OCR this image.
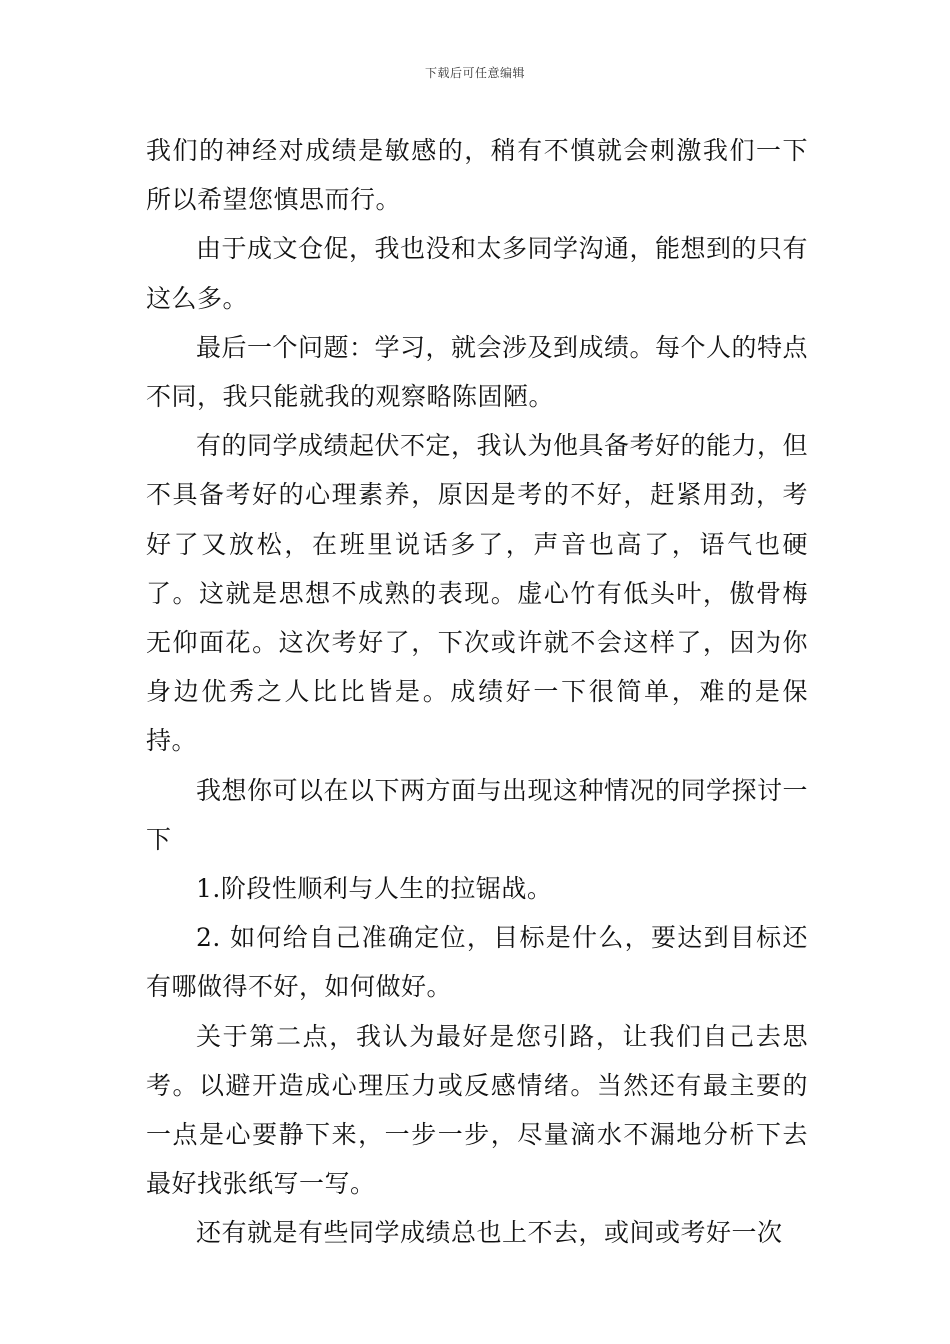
下载后可任意编辑

我们的神经对成绩是敏感的，稍有不慎就会刺激我们一下所以希望您慎思而行。

由于成文仓促，我也没和太多同学沟通，能想到的只有这么多。

最后一个问题：学习，就会涉及到成绩。每个人的特点不同，我只能就我的观察略陈固陋。

有的同学成绩起伏不定，我认为他具备考好的能力，但不具备考好的心理素养，原因是考的不好，赶紧用劲，考好了又放松，在班里说话多了，声音也高了，语气也硬了。这就是思想不成熟的表现。虚心竹有低头叶，傲骨梅无仰面花。这次考好了，下次或许就不会这样了，因为你身边优秀之人比比皆是。成绩好一下很简单，难的是保持。

我想你可以在以下两方面与出现这种情况的同学探讨一下

1.阶段性顺利与人生的拉锯战。

2. 如何给自己准确定位，目标是什么，要达到目标还有哪做得不好，如何做好。

关于第二点，我认为最好是您引路，让我们自己去思考。以避开造成心理压力或反感情绪。当然还有最主要的一点是心要静下来，一步一步，尽量滴水不漏地分析下去最好找张纸写一写。

还有就是有些同学成绩总也上不去，或间或考好一次
